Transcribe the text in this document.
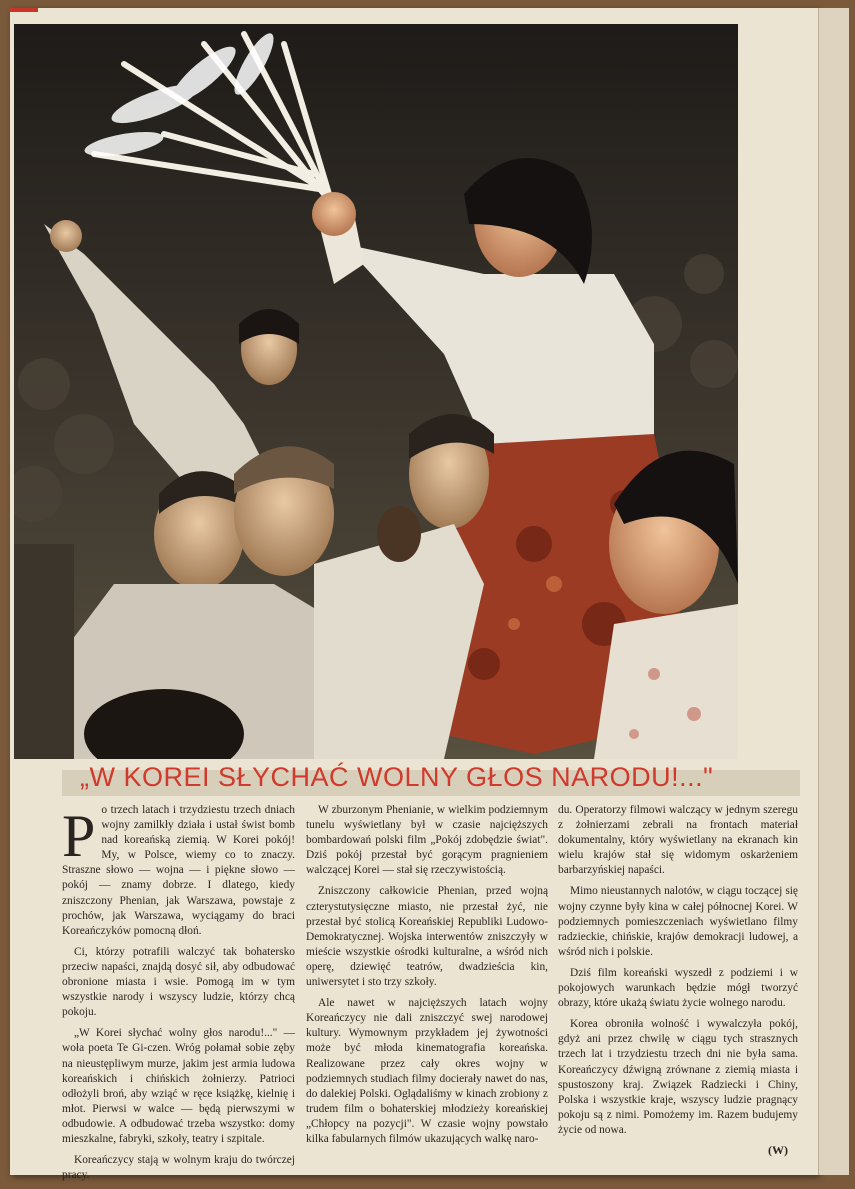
„W KOREI SŁYCHAĆ WOLNY GŁOS NARODU!..."
P o trzech latach i trzydziestu trzech dniach wojny zamilkły działa i ustał świst bomb nad koreańską ziemią. W Korei pokój! My, w Polsce, wiemy co to znaczy. Straszne słowo — wojna — i piękne słowo — pokój — znamy dobrze. I dlatego, kiedy zniszczony Phenian, jak Warszawa, powstaje z prochów, jak Warszawa, wyciągamy do braci Koreańczyków pomocną dłoń.

Ci, którzy potrafili walczyć tak bohatersko przeciw napaści, znajdą dosyć sił, aby odbudować obronione miasta i wsie. Pomogą im w tym wszystkie narody i wszyscy ludzie, którzy chcą pokoju.

„W Korei słychać wolny głos narodu!..." — woła poeta Te Gi-czen. Wróg połamał sobie zęby na nieustępliwym murze, jakim jest armia ludowa koreańskich i chińskich żołnierzy. Patrioci odłożyli broń, aby wziąć w ręce książkę, kielnię i młot. Pierwsi w walce — będą pierwszymi w odbudowie. A odbudować trzeba wszystko: domy mieszkalne, fabryki, szkoły, teatry i szpitale.

Koreańczycy stają w wolnym kraju do twórczej pracy.

W zburzonym Phenianie, w wielkim podziemnym tunelu wyświetlany był w czasie najcięższych bombardowań polski film „Pokój zdobędzie świat". Dziś pokój przestał być gorącym pragnieniem walczącej Korei — stał się rzeczywistością.

Zniszczony całkowicie Phenian, przed wojną czterystutysięczne miasto, nie przestał żyć, nie przestał być stolicą Koreańskiej Republiki Ludowo-Demokratycznej. Wojska interwentów zniszczyły w mieście wszystkie ośrodki kulturalne, a wśród nich operę, dziewięć teatrów, dwadzieścia kin, uniwersytet i sto trzy szkoły.

Ale nawet w najcięższych latach wojny Koreańczycy nie dali zniszczyć swej narodowej kultury. Wymownym przykładem jej żywotności może być młoda kinematografia koreańska. Realizowane przez cały okres wojny w podziemnych studiach filmy docierały nawet do nas, do dalekiej Polski. Oglądaliśmy w kinach zrobiony z trudem film o bohaterskiej młodzieży koreańskiej „Chłopcy na pozycji". W czasie wojny powstało kilka fabularnych filmów ukazujących walkę naro-

du. Operatorzy filmowi walczący w jednym szeregu z żołnierzami zebrali na frontach materiał dokumentalny, który wyświetlany na ekranach kin wielu krajów stał się widomym oskarżeniem barbarzyńskiej napaści.

Mimo nieustannych nalotów, w ciągu toczącej się wojny czynne były kina w całej północnej Korei. W podziemnych pomieszczeniach wyświetlano filmy radzieckie, chińskie, krajów demokracji ludowej, a wśród nich i polskie.

Dziś film koreański wyszedł z podziemi i w pokojowych warunkach będzie mógł tworzyć obrazy, które ukażą światu życie wolnego narodu.

Korea obroniła wolność i wywalczyła pokój, gdyż ani przez chwilę w ciągu tych strasznych trzech lat i trzydziestu trzech dni nie była sama. Koreańczycy dźwigną zrównane z ziemią miasta i spustoszony kraj. Związek Radziecki i Chiny, Polska i wszystkie kraje, wszyscy ludzie pragnący pokoju są z nimi. Pomożemy im. Razem budujemy życie od nowa.

(W)
